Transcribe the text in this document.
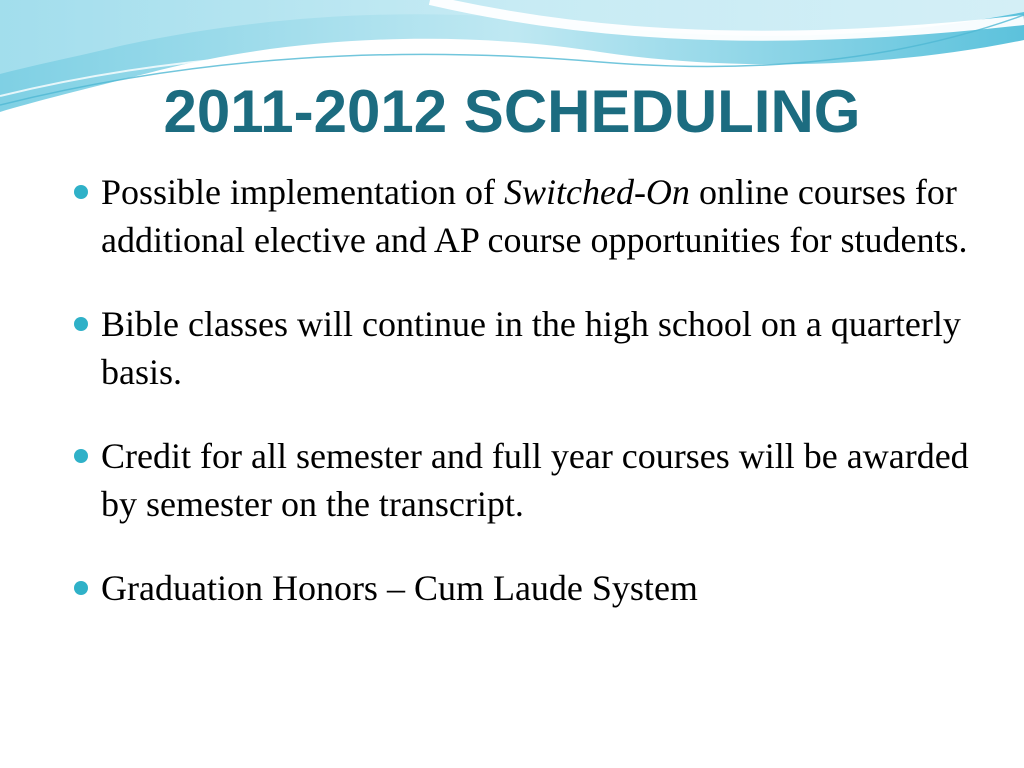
2011-2012 SCHEDULING
Possible implementation of Switched-On online courses for additional elective and AP course opportunities for students.
Bible classes will continue in the high school on a quarterly basis.
Credit for all semester and full year courses will be awarded by semester on the transcript.
Graduation Honors – Cum Laude System
